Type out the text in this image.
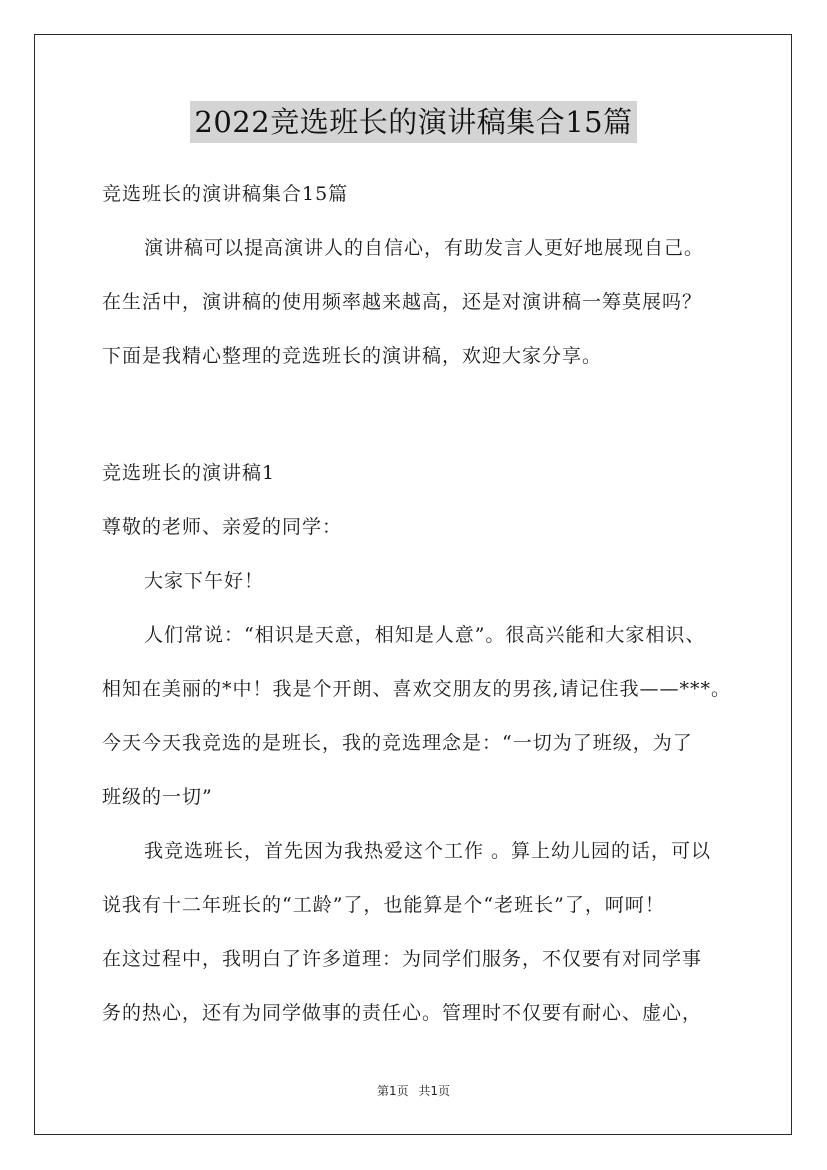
2022竞选班长的演讲稿集合15篇
竞选班长的演讲稿集合15篇
演讲稿可以提高演讲人的自信心，有助发言人更好地展现自己。
在生活中，演讲稿的使用频率越来越高，还是对演讲稿一筹莫展吗？
下面是我精心整理的竞选班长的演讲稿，欢迎大家分享。
竞选班长的演讲稿1
尊敬的老师、亲爱的同学：
大家下午好！
人们常说：“相识是天意，相知是人意”。很高兴能和大家相识、
相知在美丽的*中！我是个开朗、喜欢交朋友的男孩,请记住我——***。
今天今天我竞选的是班长，我的竞选理念是：“一切为了班级，为了
班级的一切”
我竞选班长，首先因为我热爱这个工作 。算上幼儿园的话，可以
说我有十二年班长的“工龄”了，也能算是个“老班长”了，呵呵！
在这过程中，我明白了许多道理：为同学们服务，不仅要有对同学事
务的热心，还有为同学做事的责任心。管理时不仅要有耐心、虚心，
第1页 共1页
